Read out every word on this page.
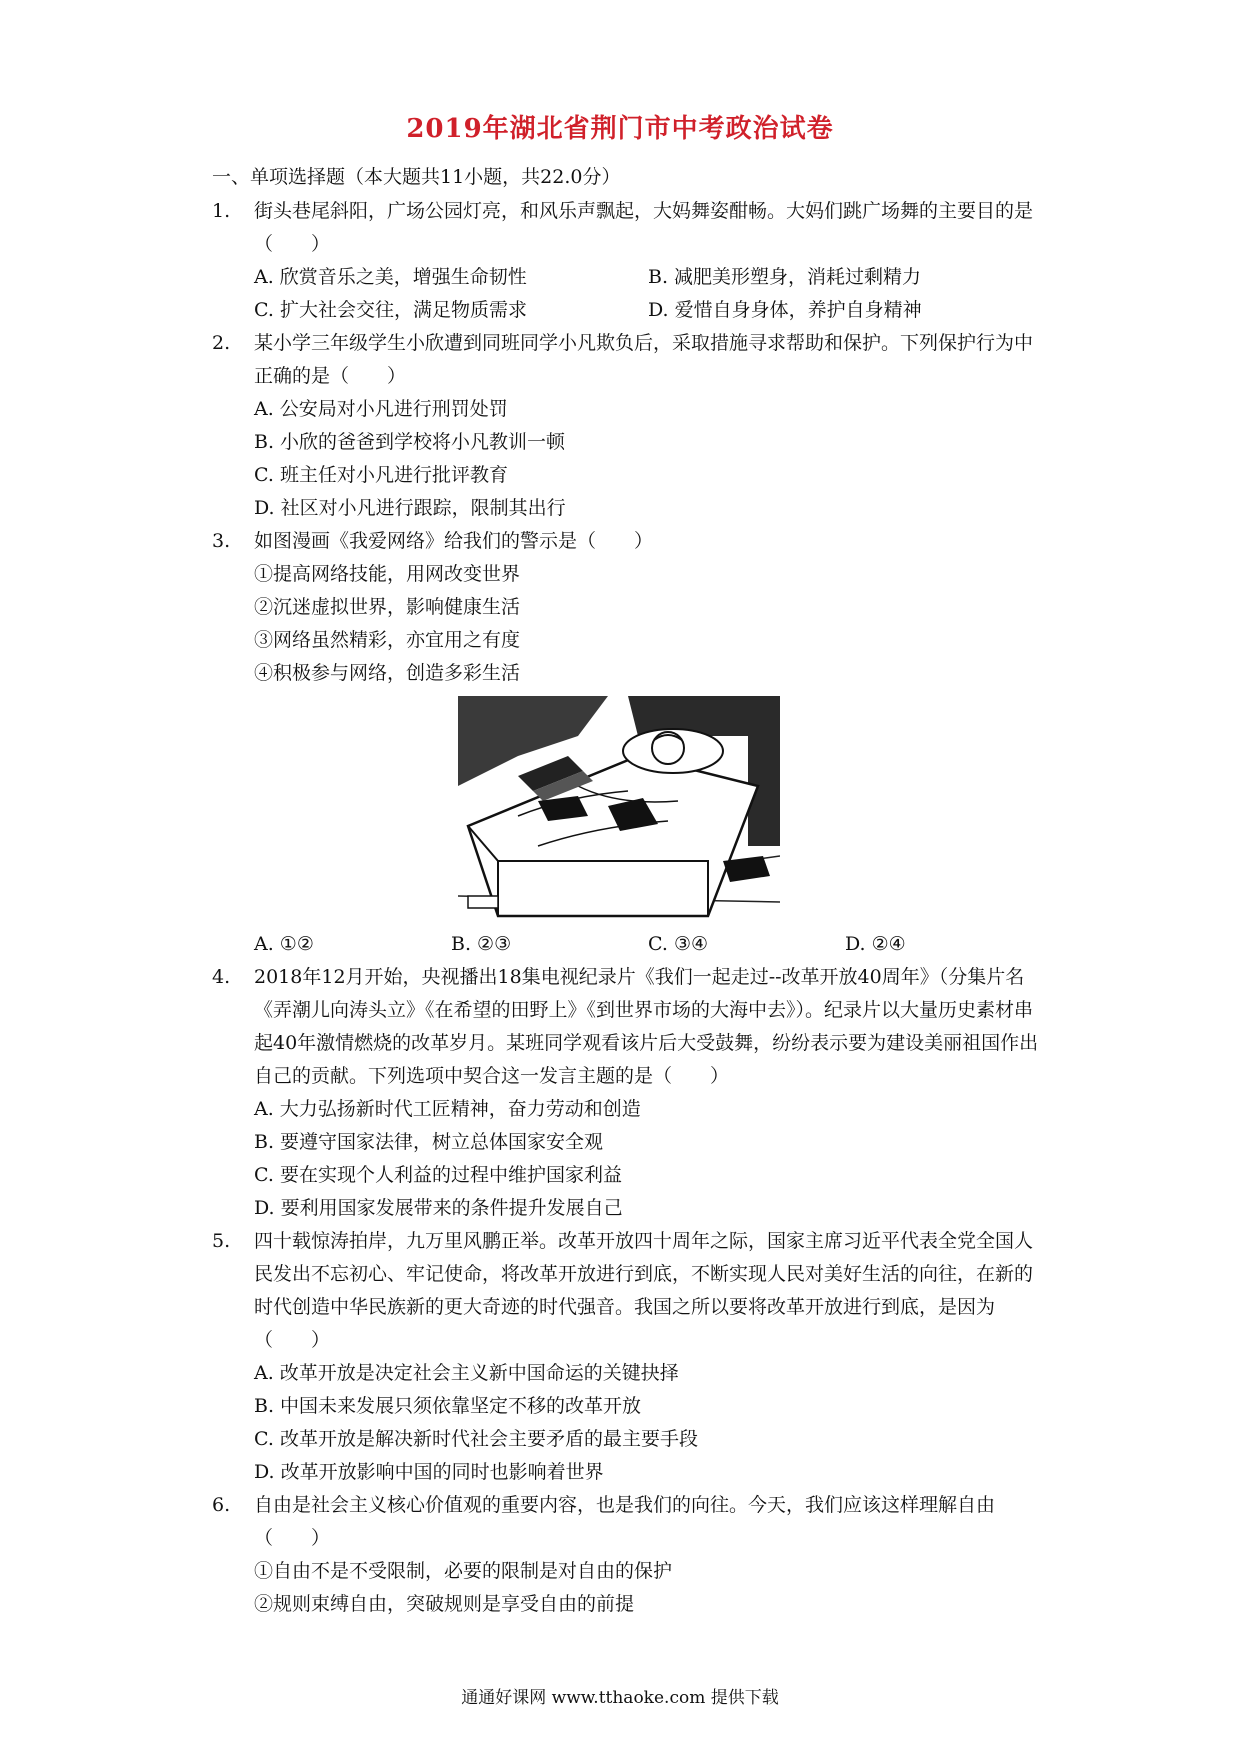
2019年湖北省荆门市中考政治试卷
一、单项选择题（本大题共11小题，共22.0分）
1. 街头巷尾斜阳，广场公园灯亮，和风乐声飘起，大妈舞姿酣畅。大妈们跳广场舞的主要目的是（　　）
A. 欣赏音乐之美，增强生命韧性	B. 减肥美形塑身，消耗过剩精力
C. 扩大社会交往，满足物质需求	D. 爱惜自身身体，养护自身精神
2. 某小学三年级学生小欣遭到同班同学小凡欺负后，采取措施寻求帮助和保护。下列保护行为中正确的是（　　）
A. 公安局对小凡进行刑罚处罚
B. 小欣的爸爸到学校将小凡教训一顿
C. 班主任对小凡进行批评教育
D. 社区对小凡进行跟踪，限制其出行
3. 如图漫画《我爱网络》给我们的警示是（　　）
①提高网络技能，用网改变世界
②沉迷虚拟世界，影响健康生活
③网络虽然精彩，亦宜用之有度
④积极参与网络，创造多彩生活
A. ①②	B. ②③	C. ③④	D. ②④
4. 2018年12月开始，央视播出18集电视纪录片《我们一起走过--改革开放40周年》（分集片名《弄潮儿向涛头立》《在希望的田野上》《到世界市场的大海中去》）。纪录片以大量历史素材串起40年激情燃烧的改革岁月。某班同学观看该片后大受鼓舞，纷纷表示要为建设美丽祖国作出自己的贡献。下列选项中契合这一发言主题的是（　　）
A. 大力弘扬新时代工匠精神，奋力劳动和创造
B. 要遵守国家法律，树立总体国家安全观
C. 要在实现个人利益的过程中维护国家利益
D. 要利用国家发展带来的条件提升发展自己
5. 四十载惊涛拍岸，九万里风鹏正举。改革开放四十周年之际，国家主席习近平代表全党全国人民发出不忘初心、牢记使命，将改革开放进行到底，不断实现人民对美好生活的向往，在新的时代创造中华民族新的更大奇迹的时代强音。我国之所以要将改革开放进行到底，是因为（　　）
A. 改革开放是决定社会主义新中国命运的关键抉择
B. 中国未来发展只须依靠坚定不移的改革开放
C. 改革开放是解决新时代社会主要矛盾的最主要手段
D. 改革开放影响中国的同时也影响着世界
6. 自由是社会主义核心价值观的重要内容，也是我们的向往。今天，我们应该这样理解自由（　　）
①自由不是不受限制，必要的限制是对自由的保护
②规则束缚自由，突破规则是享受自由的前提
通通好课网 www.tthaoke.com 提供下载
